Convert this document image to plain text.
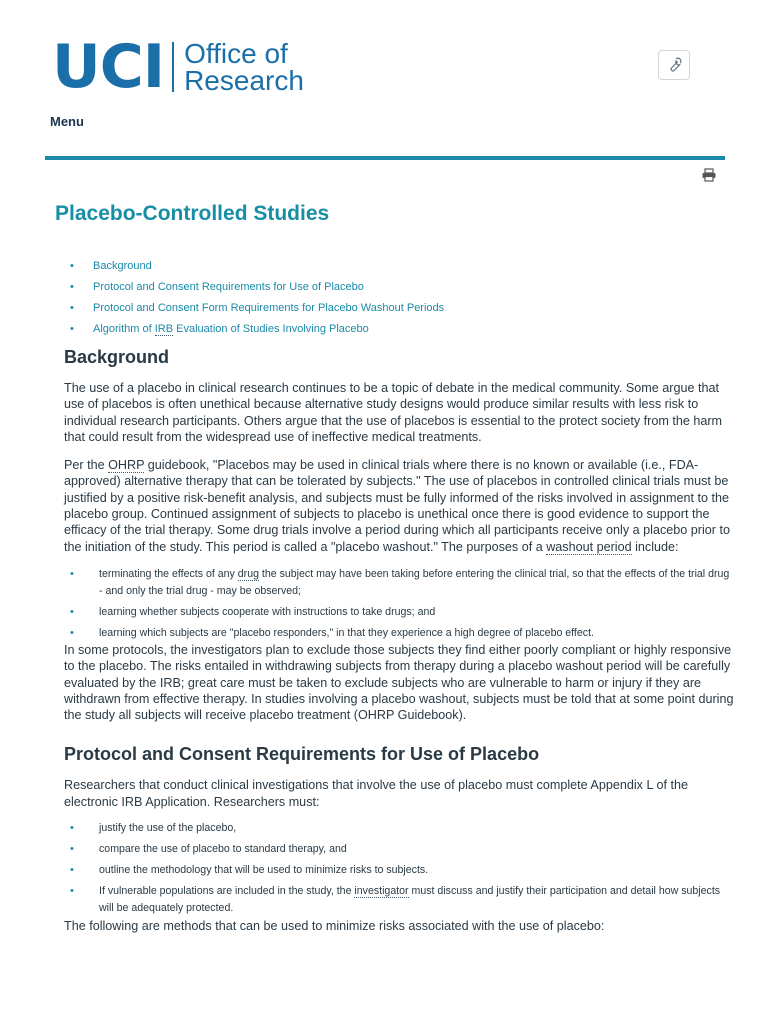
UCI Office of
Research
Menu
Placebo-Controlled Studies
• Background
• Protocol and Consent Requirements for Use of Placebo
• Protocol and Consent Form Requirements for Placebo Washout Periods
• Algorithm of IRB Evaluation of Studies Involving Placebo
Background

The use of a placebo in clinical research continues to be a topic of debate in the medical community. Some argue that use of placebos is often unethical because alternative study designs would produce similar results with less risk to individual research participants. Others argue that the use of placebos is essential to the protect society from the harm that could result from the widespread use of ineffective medical treatments.

Per the OHRP guidebook, "Placebos may be used in clinical trials where there is no known or available (i.e., FDA-approved) alternative therapy that can be tolerated by subjects." The use of placebos in controlled clinical trials must be justified by a positive risk-benefit analysis, and subjects must be fully informed of the risks involved in assignment to the placebo group. Continued assignment of subjects to placebo is unethical once there is good evidence to support the efficacy of the trial therapy. Some drug trials involve a period during which all participants receive only a placebo prior to the initiation of the study. This period is called a "placebo washout." The purposes of a washout period include:

• terminating the effects of any drug the subject may have been taking before entering the clinical trial, so that the effects of the trial drug - and only the trial drug - may be observed;
• learning whether subjects cooperate with instructions to take drugs; and
• learning which subjects are "placebo responders," in that they experience a high degree of placebo effect.

In some protocols, the investigators plan to exclude those subjects they find either poorly compliant or highly responsive to the placebo. The risks entailed in withdrawing subjects from therapy during a placebo washout period will be carefully evaluated by the IRB; great care must be taken to exclude subjects who are vulnerable to harm or injury if they are withdrawn from effective therapy. In studies involving a placebo washout, subjects must be told that at some point during the study all subjects will receive placebo treatment (OHRP Guidebook).

Protocol and Consent Requirements for Use of Placebo

Researchers that conduct clinical investigations that involve the use of placebo must complete Appendix L of the electronic IRB Application. Researchers must:

• justify the use of the placebo,
• compare the use of placebo to standard therapy, and
• outline the methodology that will be used to minimize risks to subjects.
• If vulnerable populations are included in the study, the investigator must discuss and justify their participation and detail how subjects will be adequately protected.

The following are methods that can be used to minimize risks associated with the use of placebo:
